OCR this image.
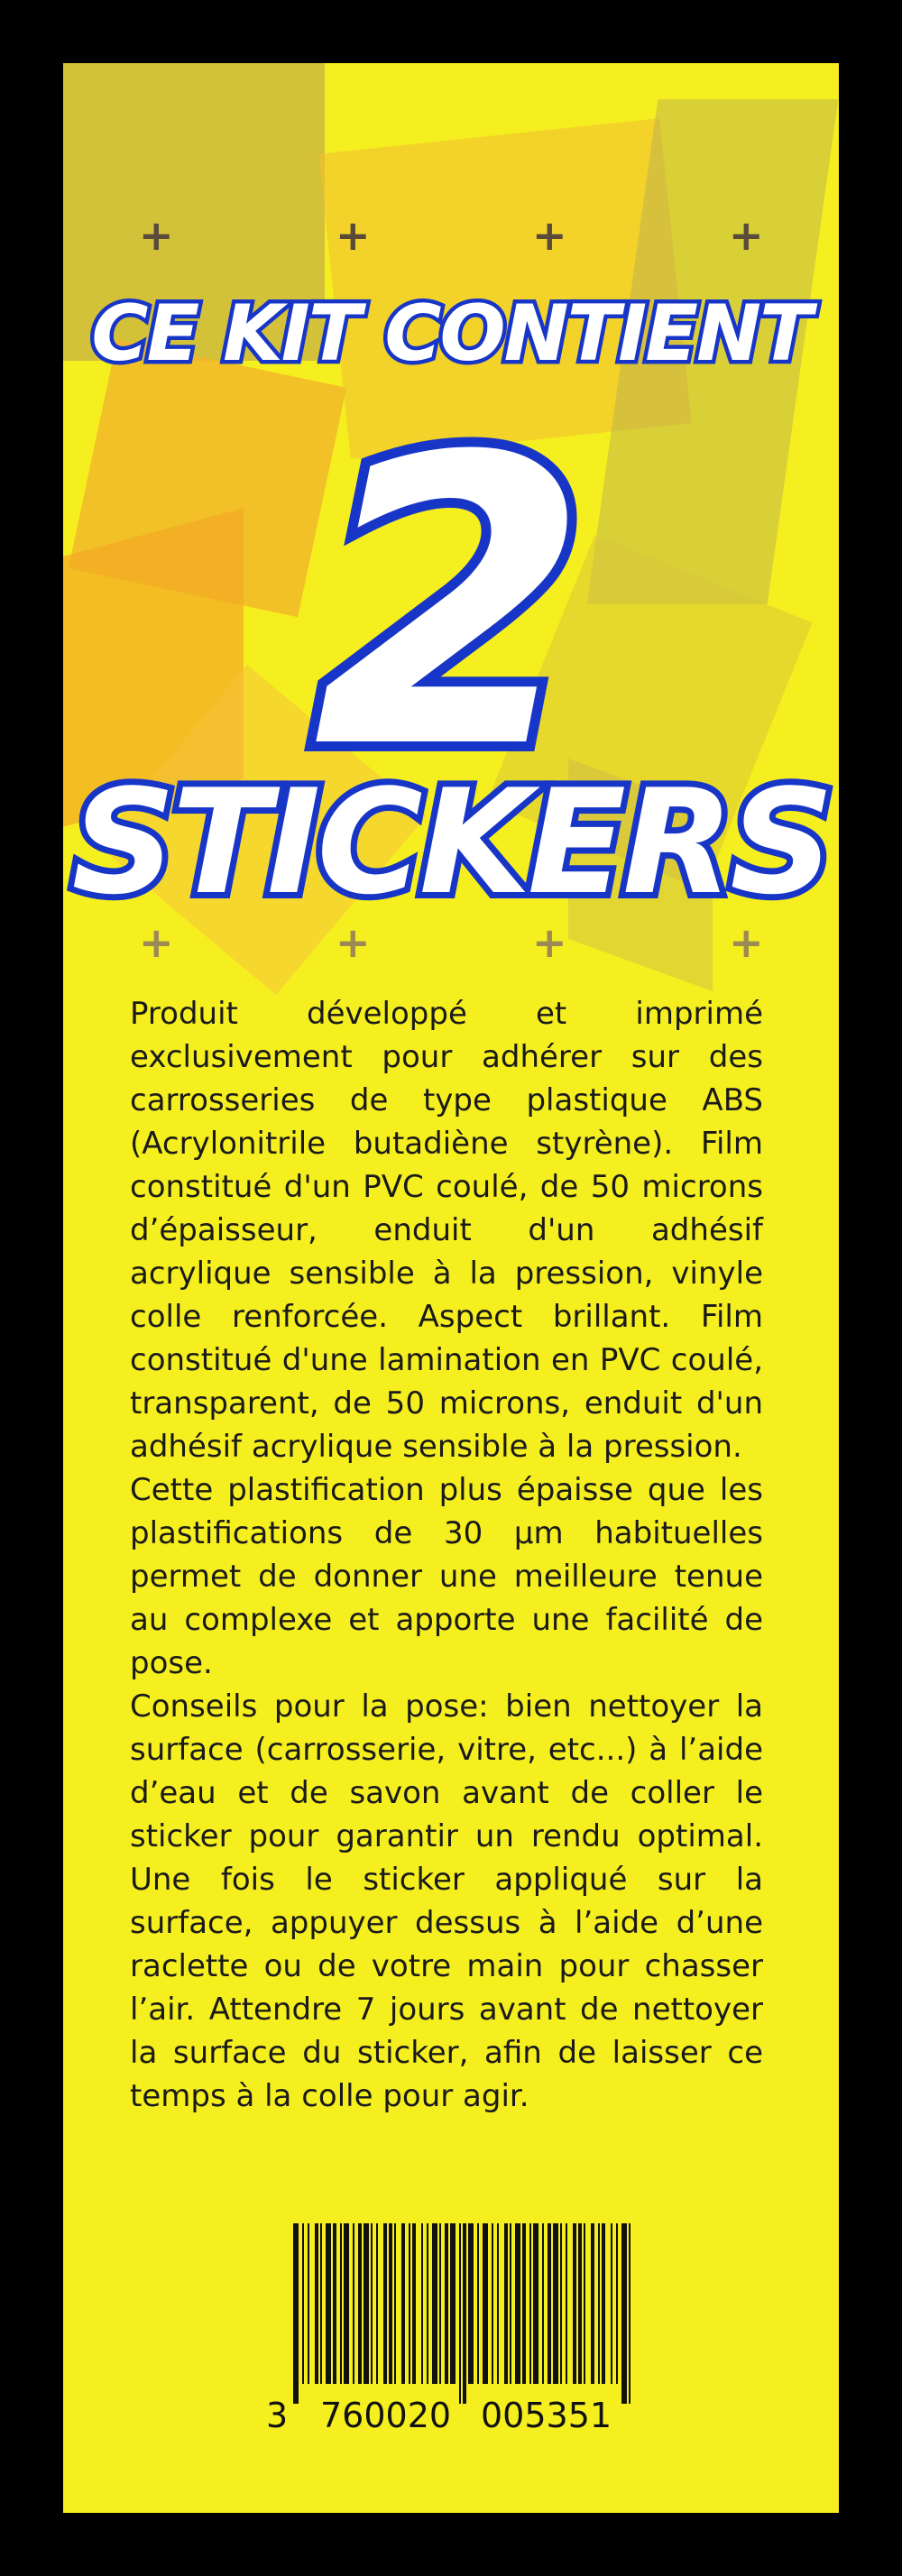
+	+	+	+
+	+	+	+
CE KIT CONTIENT
2
STICKERS

Produit développé et imprimé exclusivement pour adhérer sur des carrosseries de type plastique ABS (Acrylonitrile butadiène styrène). Film constitué d'un PVC coulé, de 50 microns d’épaisseur, enduit d'un adhésif acrylique sensible à la pression, vinyle colle renforcée. Aspect brillant. Film constitué d'une lamination en PVC coulé, transparent, de 50 microns, enduit d'un adhésif acrylique sensible à la pression.

Cette plastification plus épaisse que les plastifications de 30 µm habituelles permet de donner une meilleure tenue au complexe et apporte une facilité de pose.

Conseils pour la pose: bien nettoyer la surface (carrosserie, vitre, etc...) à l’aide d’eau et de savon avant de coller le sticker pour garantir un rendu optimal. Une fois le sticker appliqué sur la surface, appuyer dessus à l’aide d’une raclette ou de votre main pour chasser l’air. Attendre 7 jours avant de nettoyer la surface du sticker, afin de laisser ce temps à la colle pour agir.

3 760020 005351
